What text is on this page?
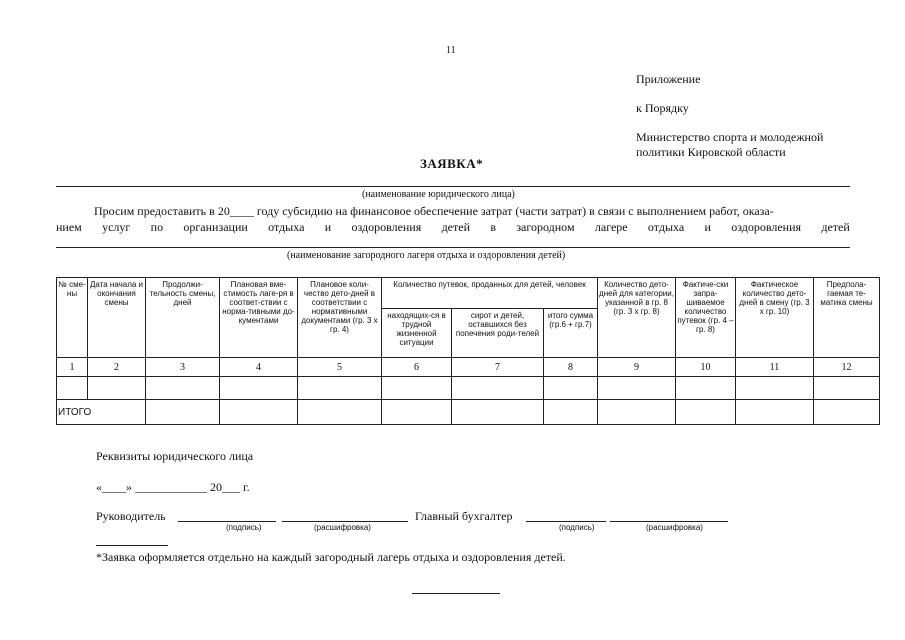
11
Приложение
к Порядку
Министерство спорта и молодежной
политики Кировской области
ЗАЯВКА*
(наименование юридического лица)
Просим предоставить в 20____ году субсидию на финансовое обеспечение затрат (части затрат) в связи с выполнением работ, оказа-
нием услуг по организации отдыха и оздоровления детей в загородном лагере отдыха и оздоровления детей
(наименование загородного лагеря отдыха и оздоровления детей)
№ сме-ны	Дата начала и окончания смены	Продолжи-тельность смены, дней	Плановая вме-стимость лаге-ря в соответ-ствии с норма-тивными до-кументами	Плановое коли-чество дето-дней в соответствии с нормативными документами (гр. 3 х гр. 4)	Количество путевок, проданных для детей, человек			Количество дето-дней для категории, указанной в гр. 8 (гр. 3 х гр. 8)	Фактиче-ски запра-шиваемое количество путевок (гр. 4 – гр. 8)	Фактическое количество дето-дней в смену (гр. 3 х гр. 10)	Предпола-гаемая те-матика смены
					находящих-ся в трудной жизненной ситуации	сирот и детей, оставшихся без попечения роди-телей	итого сумма (гр.6 + гр.7)				
1	2	3	4	5	6	7	8	9	10	11	12

ИТОГО											
Реквизиты юридического лица
«____» ____________ 20___ г.
Руководитель
(подпись)	(расшифровка)
Главный бухгалтер
(подпись)	(расшифровка)
*Заявка оформляется отдельно на каждый загородный лагерь отдыха и оздоровления детей.
